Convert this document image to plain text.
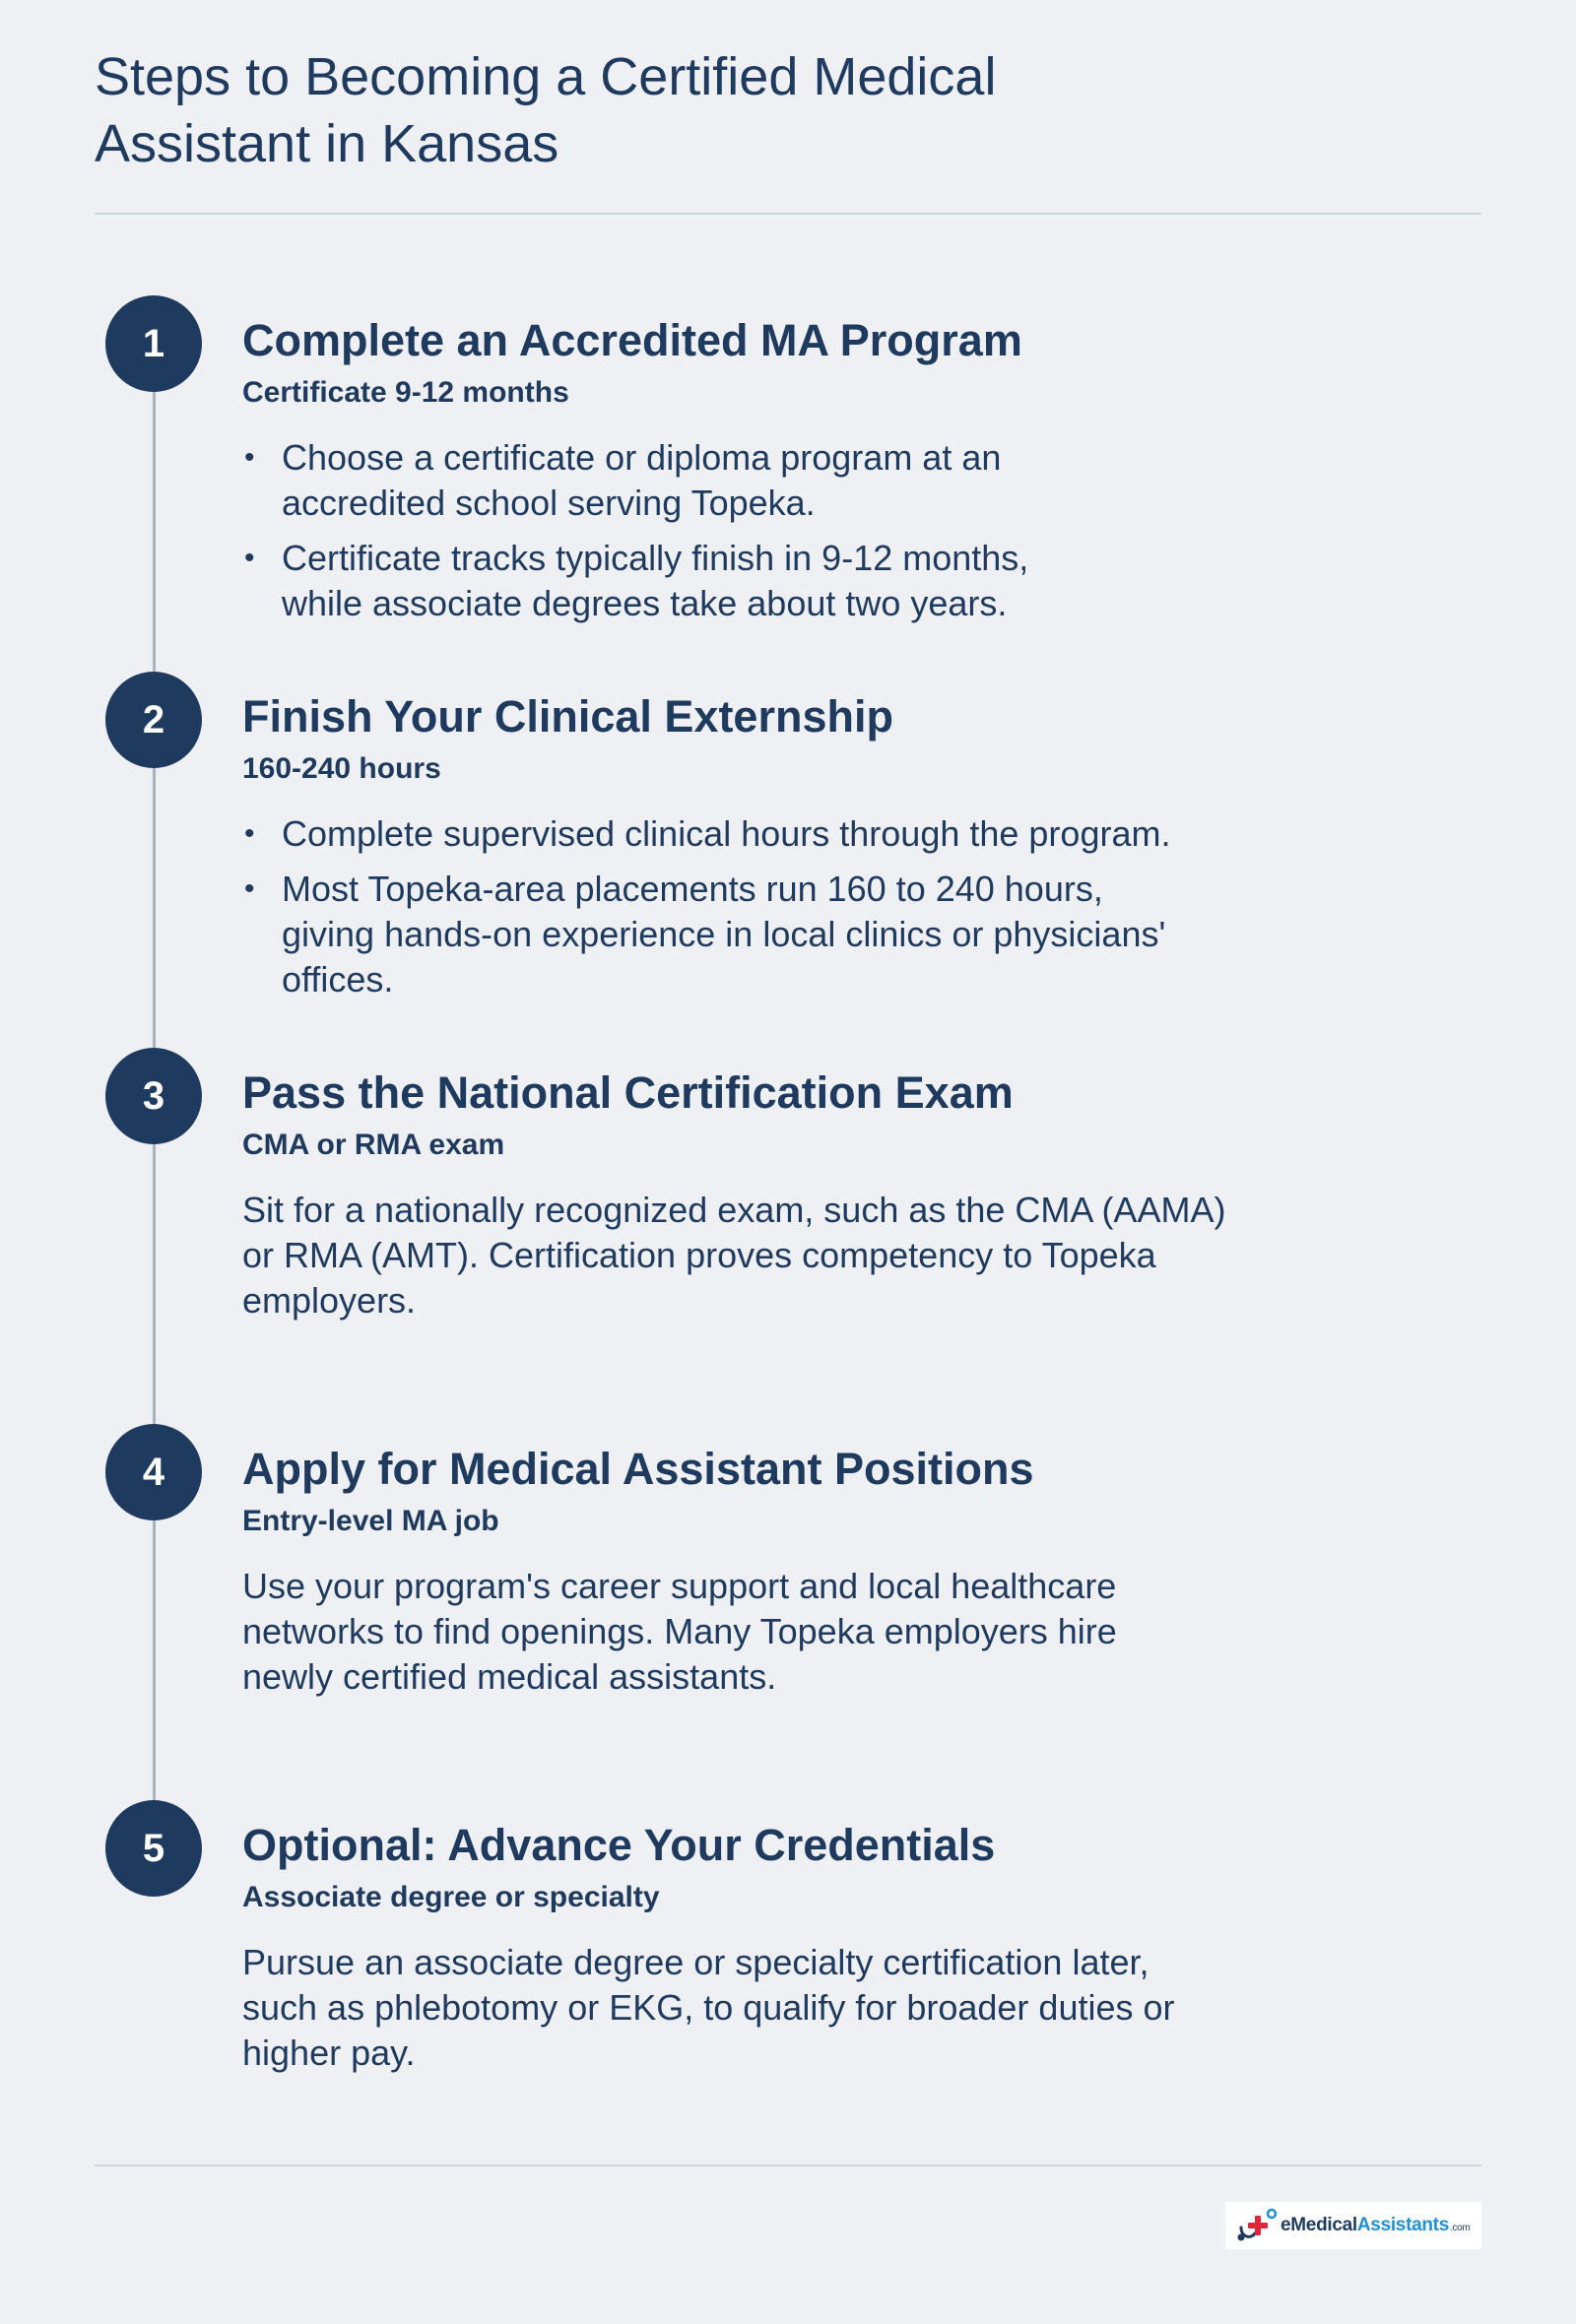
Steps to Becoming a Certified Medical Assistant in Kansas
1	Complete an Accredited MA Program

Certificate 9-12 months

• Choose a certificate or diploma program at an accredited school serving Topeka.
• Certificate tracks typically finish in 9-12 months, while associate degrees take about two years.
2	Finish Your Clinical Externship

160-240 hours

• Complete supervised clinical hours through the program.
• Most Topeka-area placements run 160 to 240 hours, giving hands-on experience in local clinics or physicians' offices.
3	Pass the National Certification Exam

CMA or RMA exam

Sit for a nationally recognized exam, such as the CMA (AAMA) or RMA (AMT). Certification proves competency to Topeka employers.

4	Apply for Medical Assistant Positions

Entry-level MA job

Use your program's career support and local healthcare networks to find openings. Many Topeka employers hire newly certified medical assistants.

5	Optional: Advance Your Credentials

Associate degree or specialty

Pursue an associate degree or specialty certification later, such as phlebotomy or EKG, to qualify for broader duties or higher pay.

eMedicalAssistants.com
